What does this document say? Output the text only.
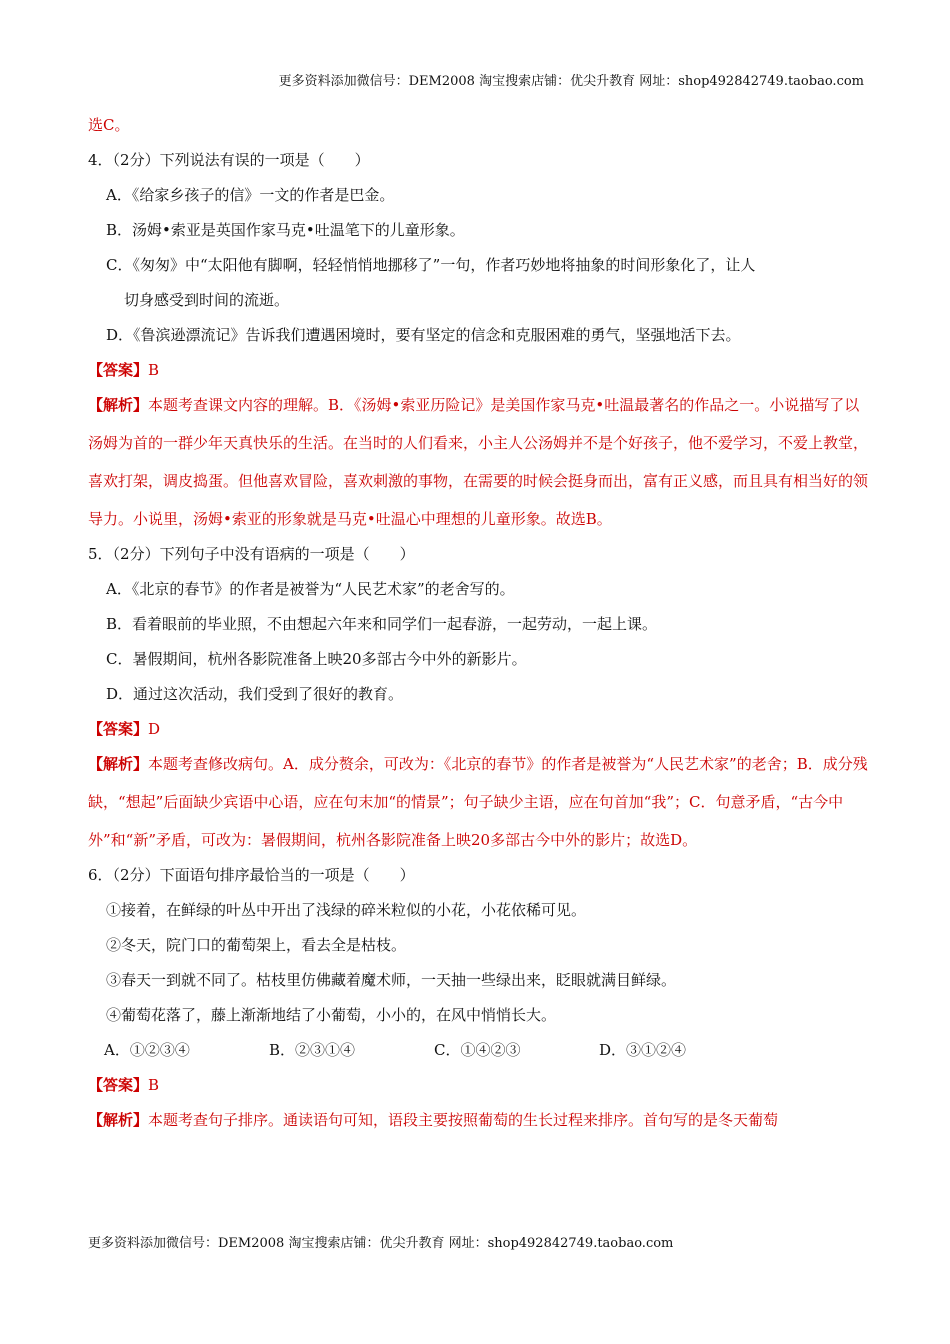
更多资料添加微信号：DEM2008 淘宝搜索店铺：优尖升教育 网址：shop492842749.taobao.com
选C。
4．（2分）下列说法有误的一项是（　　）
A．《给家乡孩子的信》一文的作者是巴金。
B．汤姆•索亚是英国作家马克•吐温笔下的儿童形象。
C．《匆匆》中“太阳他有脚啊，轻轻悄悄地挪移了”一句，作者巧妙地将抽象的时间形象化了，让人
切身感受到时间的流逝。
D．《鲁滨逊漂流记》告诉我们遭遇困境时，要有坚定的信念和克服困难的勇气，坚强地活下去。
【答案】B
【解析】本题考查课文内容的理解。B．《汤姆•索亚历险记》是美国作家马克•吐温最著名的作品之一。小说描写了以汤姆为首的一群少年天真快乐的生活。在当时的人们看来，小主人公汤姆并不是个好孩子，他不爱学习，不爱上教堂，喜欢打架，调皮捣蛋。但他喜欢冒险，喜欢刺激的事物，在需要的时候会挺身而出，富有正义感，而且具有相当好的领导力。小说里，汤姆•索亚的形象就是马克•吐温心中理想的儿童形象。故选B。
5．（2分）下列句子中没有语病的一项是（　　）
A．《北京的春节》的作者是被誉为“人民艺术家”的老舍写的。
B．看着眼前的毕业照，不由想起六年来和同学们一起春游，一起劳动，一起上课。
C．暑假期间，杭州各影院准备上映20多部古今中外的新影片。
D．通过这次活动，我们受到了很好的教育。
【答案】D
【解析】本题考查修改病句。A．成分赘余，可改为：《北京的春节》的作者是被誉为“人民艺术家”的老舍；B．成分残缺，“想起”后面缺少宾语中心语，应在句末加“的情景”；句子缺少主语，应在句首加“我”；C．句意矛盾，“古今中外”和“新”矛盾，可改为：暑假期间，杭州各影院准备上映20多部古今中外的影片；故选D。
6．（2分）下面语句排序最恰当的一项是（　　）
①接着，在鲜绿的叶丛中开出了浅绿的碎米粒似的小花，小花依稀可见。
②冬天，院门口的葡萄架上，看去全是枯枝。
③春天一到就不同了。枯枝里仿佛藏着魔术师，一天抽一些绿出来，眨眼就满目鲜绿。
④葡萄花落了，藤上渐渐地结了小葡萄，小小的，在风中悄悄长大。
A．①②③④	B．②③①④	C．①④②③	D．③①②④
【答案】B
【解析】本题考查句子排序。通读语句可知，语段主要按照葡萄的生长过程来排序。首句写的是冬天葡萄
更多资料添加微信号：DEM2008 淘宝搜索店铺：优尖升教育 网址：shop492842749.taobao.com
